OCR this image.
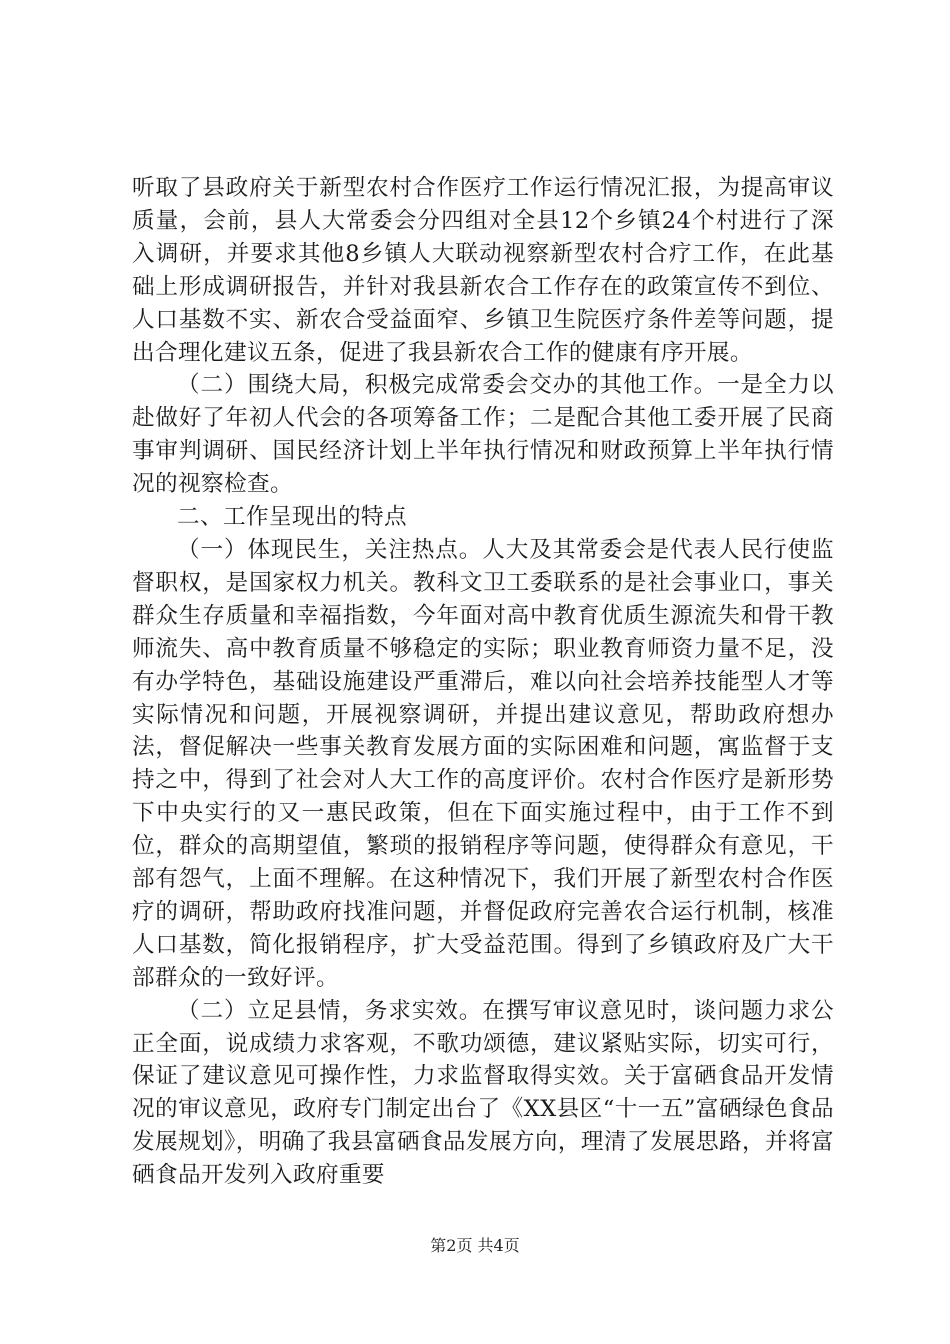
听取了县政府关于新型农村合作医疗工作运行情况汇报，为提高审议质量，会前，县人大常委会分四组对全县12个乡镇24个村进行了深入调研，并要求其他8乡镇人大联动视察新型农村合疗工作，在此基础上形成调研报告，并针对我县新农合工作存在的政策宣传不到位、人口基数不实、新农合受益面窄、乡镇卫生院医疗条件差等问题，提出合理化建议五条，促进了我县新农合工作的健康有序开展。

（二）围绕大局，积极完成常委会交办的其他工作。一是全力以赴做好了年初人代会的各项筹备工作；二是配合其他工委开展了民商事审判调研、国民经济计划上半年执行情况和财政预算上半年执行情况的视察检查。

二、工作呈现出的特点

（一）体现民生，关注热点。人大及其常委会是代表人民行使监督职权，是国家权力机关。教科文卫工委联系的是社会事业口，事关群众生存质量和幸福指数，今年面对高中教育优质生源流失和骨干教师流失、高中教育质量不够稳定的实际；职业教育师资力量不足，没有办学特色，基础设施建设严重滞后，难以向社会培养技能型人才等实际情况和问题，开展视察调研，并提出建议意见，帮助政府想办法，督促解决一些事关教育发展方面的实际困难和问题，寓监督于支持之中，得到了社会对人大工作的高度评价。农村合作医疗是新形势下中央实行的又一惠民政策，但在下面实施过程中，由于工作不到位，群众的高期望值，繁琐的报销程序等问题，使得群众有意见，干部有怨气，上面不理解。在这种情况下，我们开展了新型农村合作医疗的调研，帮助政府找准问题，并督促政府完善农合运行机制，核准人口基数，简化报销程序，扩大受益范围。得到了乡镇政府及广大干部群众的一致好评。

（二）立足县情，务求实效。在撰写审议意见时，谈问题力求公正全面，说成绩力求客观，不歌功颂德，建议紧贴实际，切实可行，保证了建议意见可操作性，力求监督取得实效。关于富硒食品开发情况的审议意见，政府专门制定出台了《XX县区“十一五”富硒绿色食品发展规划》，明确了我县富硒食品发展方向，理清了发展思路，并将富硒食品开发列入政府重要

第2页 共4页
